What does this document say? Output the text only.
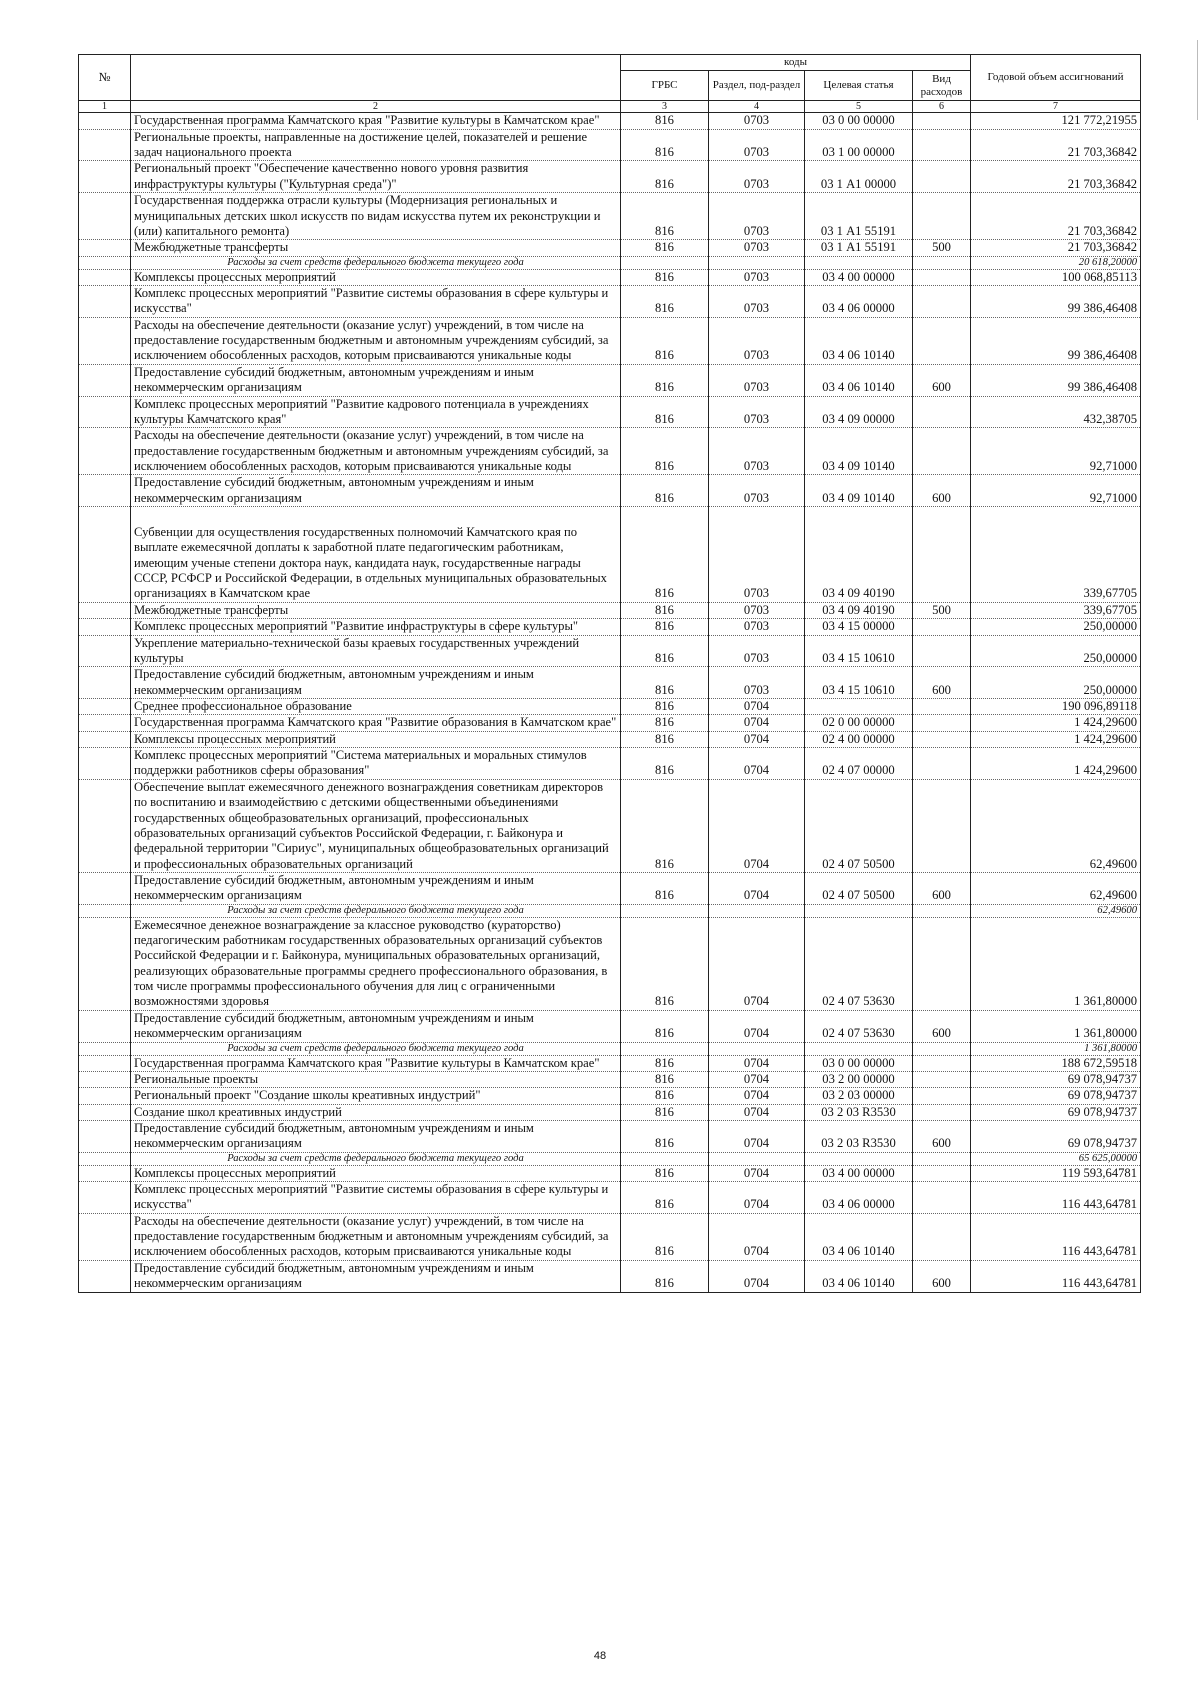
№		коды				Годовой объем ассигнований
		ГРБС	Раздел, под-раздел	Целевая статья	Вид расходов	
1	2	3	4	5	6	7
	Государственная программа Камчатского края "Развитие культуры в Камчатском крае"	816	0703	03 0 00 00000		121 772,21955
	Региональные проекты, направленные на достижение целей, показателей и решение задач национального проекта	816	0703	03 1 00 00000		21 703,36842
	Региональный проект "Обеспечение качественно нового уровня развития инфраструктуры культуры ("Культурная среда")"	816	0703	03 1 А1 00000		21 703,36842
	Государственная поддержка отрасли культуры (Модернизация региональных и муниципальных детских школ искусств по видам искусства путем их реконструкции и (или) капитального ремонта)	816	0703	03 1 А1 55191		21 703,36842
	Межбюджетные трансферты	816	0703	03 1 А1 55191	500	21 703,36842
	Расходы за счет средств федерального бюджета текущего года					20 618,20000
	Комплексы процессных мероприятий	816	0703	03 4 00 00000		100 068,85113
	Комплекс процессных мероприятий "Развитие системы образования в сфере культуры и искусства"	816	0703	03 4 06 00000		99 386,46408
	Расходы на обеспечение деятельности (оказание услуг) учреждений, в том числе на предоставление государственным бюджетным и автономным учреждениям субсидий, за исключением обособленных расходов, которым присваиваются уникальные коды	816	0703	03 4 06 10140		99 386,46408
	Предоставление субсидий бюджетным, автономным учреждениям и иным некоммерческим организациям	816	0703	03 4 06 10140	600	99 386,46408
	Комплекс процессных мероприятий "Развитие кадрового потенциала в учреждениях культуры Камчатского края"	816	0703	03 4 09 00000		432,38705
	Расходы на обеспечение деятельности (оказание услуг) учреждений, в том числе на предоставление государственным бюджетным и автономным учреждениям субсидий, за исключением обособленных расходов, которым присваиваются уникальные коды	816	0703	03 4 09 10140		92,71000
	Предоставление субсидий бюджетным, автономным учреждениям и иным некоммерческим организациям	816	0703	03 4 09 10140	600	92,71000
	Субвенции для осуществления государственных полномочий Камчатского края по выплате ежемесячной доплаты к заработной плате педагогическим работникам, имеющим ученые степени доктора наук, кандидата наук, государственные награды СССР, РСФСР и Российской Федерации, в отдельных муниципальных образовательных организациях в Камчатском крае	816	0703	03 4 09 40190		339,67705
	Межбюджетные трансферты	816	0703	03 4 09 40190	500	339,67705
	Комплекс процессных мероприятий "Развитие инфраструктуры в сфере культуры"	816	0703	03 4 15 00000		250,00000
	Укрепление материально-технической базы краевых государственных учреждений культуры	816	0703	03 4 15 10610		250,00000
	Предоставление субсидий бюджетным, автономным учреждениям и иным некоммерческим организациям	816	0703	03 4 15 10610	600	250,00000
	Среднее профессиональное образование	816	0704			190 096,89118
	Государственная программа Камчатского края "Развитие образования в Камчатском крае"	816	0704	02 0 00 00000		1 424,29600
	Комплексы процессных мероприятий	816	0704	02 4 00 00000		1 424,29600
	Комплекс процессных мероприятий "Система материальных и моральных стимулов поддержки работников сферы образования"	816	0704	02 4 07 00000		1 424,29600
	Обеспечение выплат ежемесячного денежного вознаграждения советникам директоров по воспитанию и взаимодействию с детскими общественными объединениями государственных общеобразовательных организаций, профессиональных образовательных организаций субъектов Российской Федерации, г. Байконура и федеральной территории "Сириус", муниципальных общеобразовательных организаций и профессиональных образовательных организаций	816	0704	02 4 07 50500		62,49600
	Предоставление субсидий бюджетным, автономным учреждениям и иным некоммерческим организациям	816	0704	02 4 07 50500	600	62,49600
	Расходы за счет средств федерального бюджета текущего года					62,49600
	Ежемесячное денежное вознаграждение за классное руководство (кураторство) педагогическим работникам государственных образовательных организаций субъектов Российской Федерации и г. Байконура, муниципальных образовательных организаций, реализующих образовательные программы среднего профессионального образования, в том числе программы профессионального обучения для лиц с ограниченными возможностями здоровья	816	0704	02 4 07 53630		1 361,80000
	Предоставление субсидий бюджетным, автономным учреждениям и иным некоммерческим организациям	816	0704	02 4 07 53630	600	1 361,80000
	Расходы за счет средств федерального бюджета текущего года					1 361,80000
	Государственная программа Камчатского края "Развитие культуры в Камчатском крае"	816	0704	03 0 00 00000		188 672,59518
	Региональные проекты	816	0704	03 2 00 00000		69 078,94737
	Региональный проект "Создание школы креативных индустрий"	816	0704	03 2 03 00000		69 078,94737
	Создание школ креативных индустрий	816	0704	03 2 03 R3530		69 078,94737
	Предоставление субсидий бюджетным, автономным учреждениям и иным некоммерческим организациям	816	0704	03 2 03 R3530	600	69 078,94737
	Расходы за счет средств федерального бюджета текущего года					65 625,00000
	Комплексы процессных мероприятий	816	0704	03 4 00 00000		119 593,64781
	Комплекс процессных мероприятий "Развитие системы образования в сфере культуры и искусства"	816	0704	03 4 06 00000		116 443,64781
	Расходы на обеспечение деятельности (оказание услуг) учреждений, в том числе на предоставление государственным бюджетным и автономным учреждениям субсидий, за исключением обособленных расходов, которым присваиваются уникальные коды	816	0704	03 4 06 10140		116 443,64781
	Предоставление субсидий бюджетным, автономным учреждениям и иным некоммерческим организациям	816	0704	03 4 06 10140	600	116 443,64781
48
